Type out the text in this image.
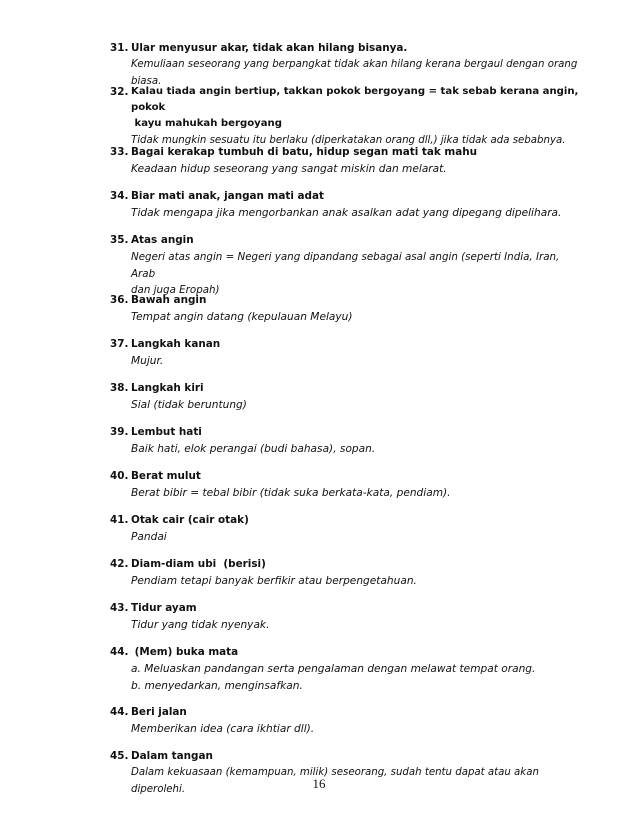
31. Ular menyusur akar, tidak akan hilang bisanya.
Kemuliaan seseorang yang berpangkat tidak akan hilang kerana bergaul dengan orang biasa.
32. Kalau tiada angin bertiup, takkan pokok bergoyang = tak sebab kerana angin, pokok
kayu mahukah bergoyang
Tidak mungkin sesuatu itu berlaku (diperkatakan orang dll,) jika tidak ada sebabnya.
33. Bagai kerakap tumbuh di batu, hidup segan mati tak mahu
Keadaan hidup seseorang yang sangat miskin dan melarat.
34. Biar mati anak, jangan mati adat
Tidak mengapa jika mengorbankan anak asalkan adat yang dipegang dipelihara.
35. Atas angin
Negeri atas angin = Negeri yang dipandang sebagai asal angin (seperti India, Iran, Arab
dan juga Eropah)
36. Bawah angin
Tempat angin datang (kepulauan Melayu)
37. Langkah kanan
Mujur.
38. Langkah kiri
Sial (tidak beruntung)
39. Lembut hati
Baik hati, elok perangai (budi bahasa), sopan.
40. Berat mulut
Berat bibir = tebal bibir (tidak suka berkata-kata, pendiam).
41. Otak cair (cair otak)
Pandai
42. Diam-diam ubi  (berisi)
Pendiam tetapi banyak berfikir atau berpengetahuan.
43. Tidur ayam
Tidur yang tidak nyenyak.
44. (Mem) buka mata
a. Meluaskan pandangan serta pengalaman dengan melawat tempat orang.
b. menyedarkan, menginsafkan.
44. Beri jalan
Memberikan idea (cara ikhtiar dll).
45. Dalam tangan
Dalam kekuasaan (kemampuan, milik) seseorang, sudah tentu dapat atau akan diperolehi.	16
